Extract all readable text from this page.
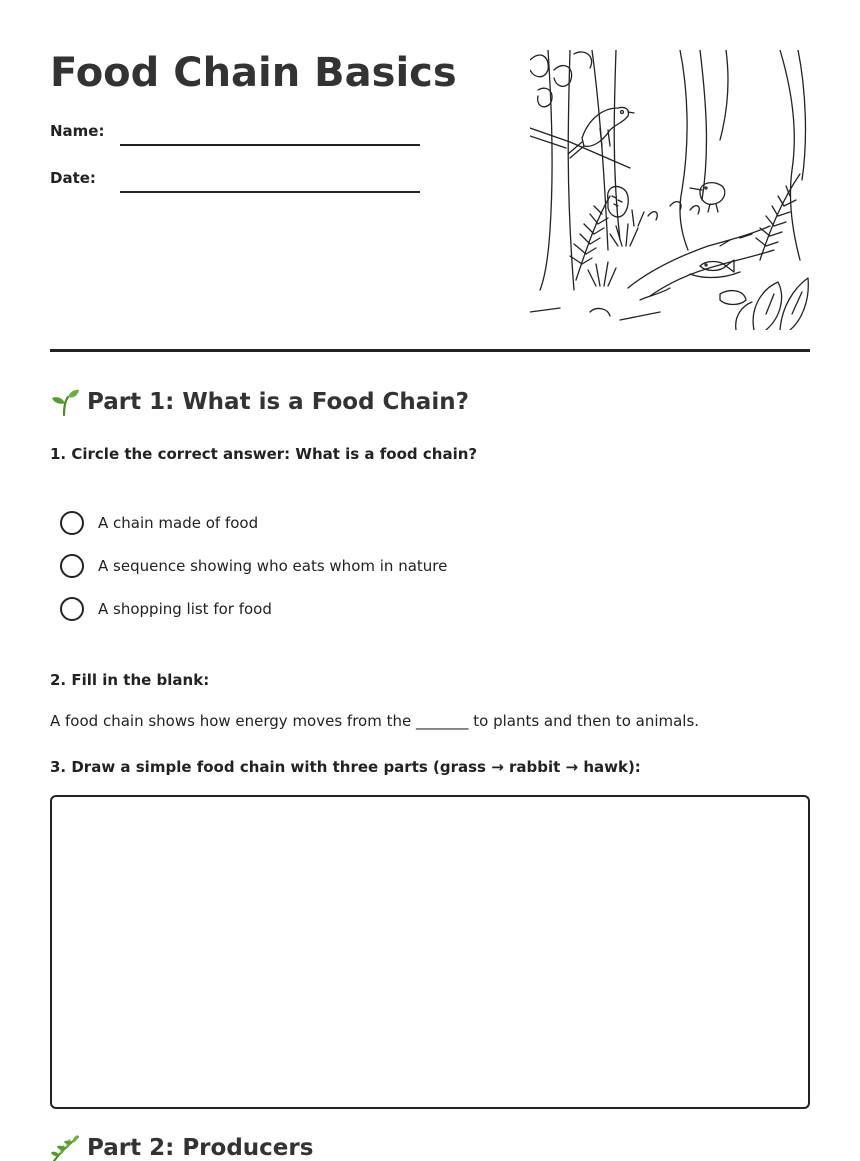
Food Chain Basics
Name:
Date:
Part 1: What is a Food Chain?

1. Circle the correct answer: What is a food chain?

A chain made of food
A sequence showing who eats whom in nature
A shopping list for food

2. Fill in the blank:

A food chain shows how energy moves from the _______ to plants and then to animals.

3. Draw a simple food chain with three parts (grass → rabbit → hawk):

Part 2: Producers
